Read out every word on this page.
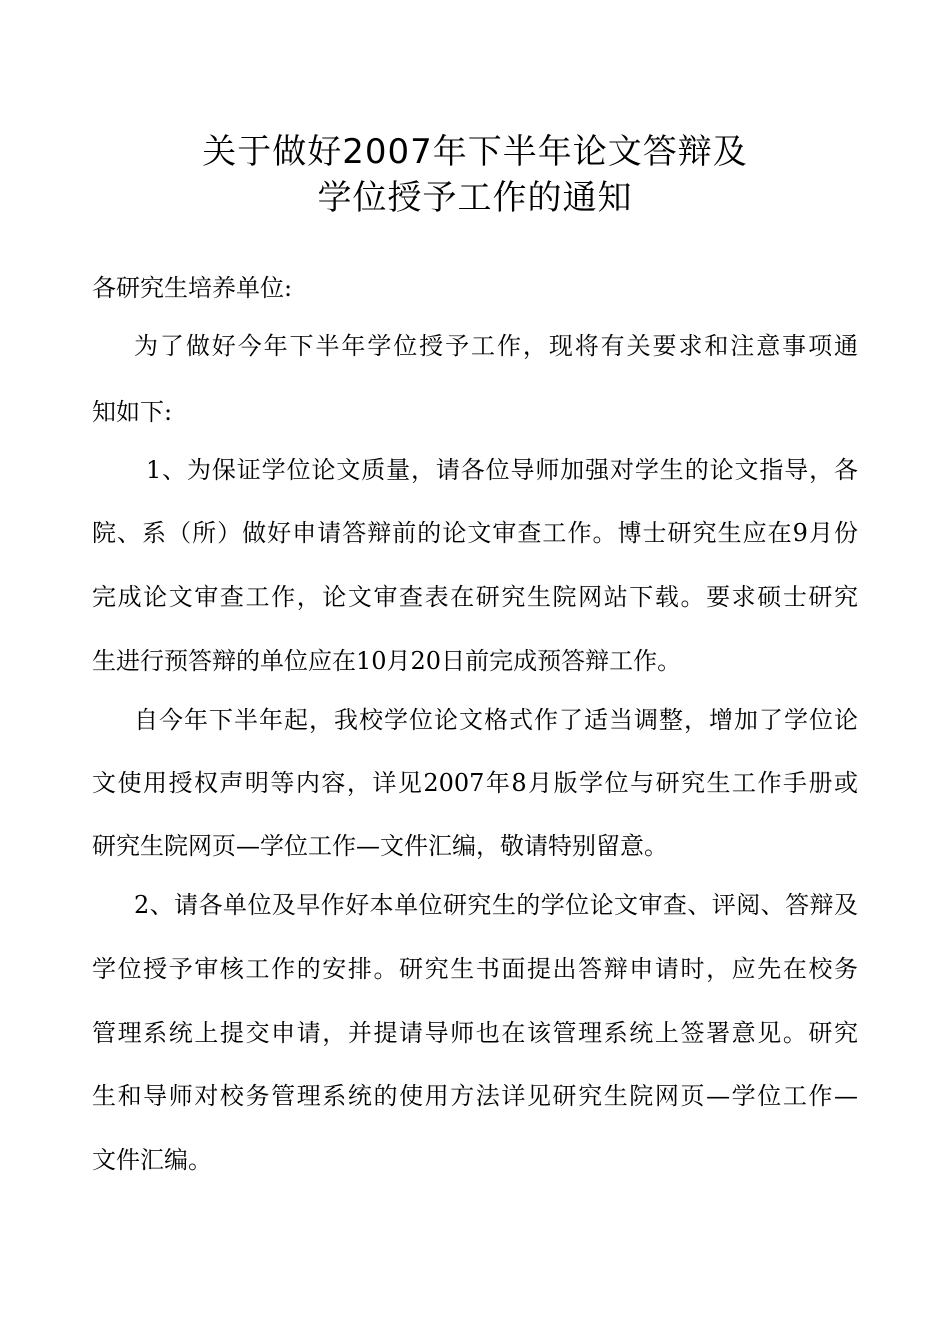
关于做好2007年下半年论文答辩及
学位授予工作的通知
各研究生培养单位:
为了做好今年下半年学位授予工作，现将有关要求和注意事项通
知如下:
1、为保证学位论文质量，请各位导师加强对学生的论文指导，各
院、系（所）做好申请答辩前的论文审查工作。博士研究生应在9月份
完成论文审查工作，论文审查表在研究生院网站下载。要求硕士研究
生进行预答辩的单位应在10月20日前完成预答辩工作。
自今年下半年起，我校学位论文格式作了适当调整，增加了学位论
文使用授权声明等内容，详见2007年8月版学位与研究生工作手册或
研究生院网页—学位工作—文件汇编，敬请特别留意。
2、请各单位及早作好本单位研究生的学位论文审查、评阅、答辩及
学位授予审核工作的安排。研究生书面提出答辩申请时，应先在校务
管理系统上提交申请，并提请导师也在该管理系统上签署意见。研究
生和导师对校务管理系统的使用方法详见研究生院网页—学位工作—
文件汇编。
